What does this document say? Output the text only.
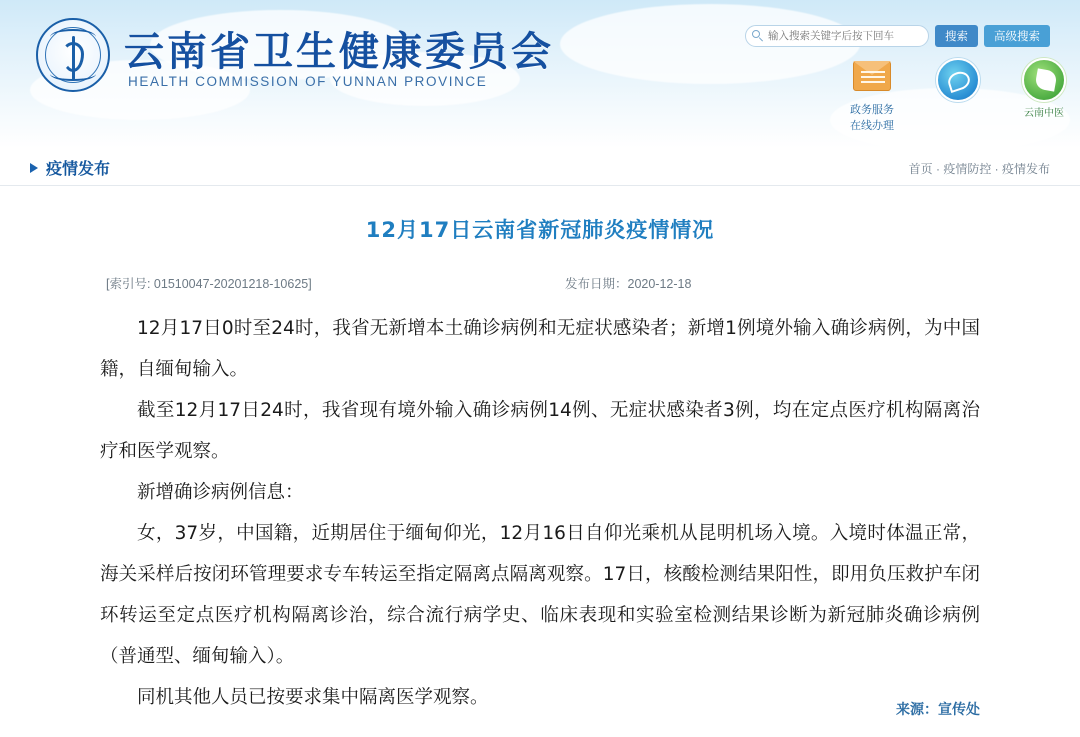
云南省卫生健康委员会
HEALTH COMMISSION OF YUNNAN PROVINCE
输入搜索关键字后按下回车
搜索	高级搜索
政务服务
在线办理
云南中医
疫情发布	首页 · 疫情防控 · 疫情发布
12月17日云南省新冠肺炎疫情情况
[索引号: 01510047-20201218-10625]	发布日期：2020-12-18

12月17日0时至24时，我省无新增本土确诊病例和无症状感染者；新增1例境外输入确诊病例，为中国籍，自缅甸输入。

截至12月17日24时，我省现有境外输入确诊病例14例、无症状感染者3例，均在定点医疗机构隔离治疗和医学观察。

新增确诊病例信息：

女，37岁，中国籍，近期居住于缅甸仰光，12月16日自仰光乘机从昆明机场入境。入境时体温正常，海关采样后按闭环管理要求专车转运至指定隔离点隔离观察。17日，核酸检测结果阳性，即用负压救护车闭环转运至定点医疗机构隔离诊治，综合流行病学史、临床表现和实验室检测结果诊断为新冠肺炎确诊病例（普通型、缅甸输入）。

同机其他人员已按要求集中隔离医学观察。

来源：宣传处
